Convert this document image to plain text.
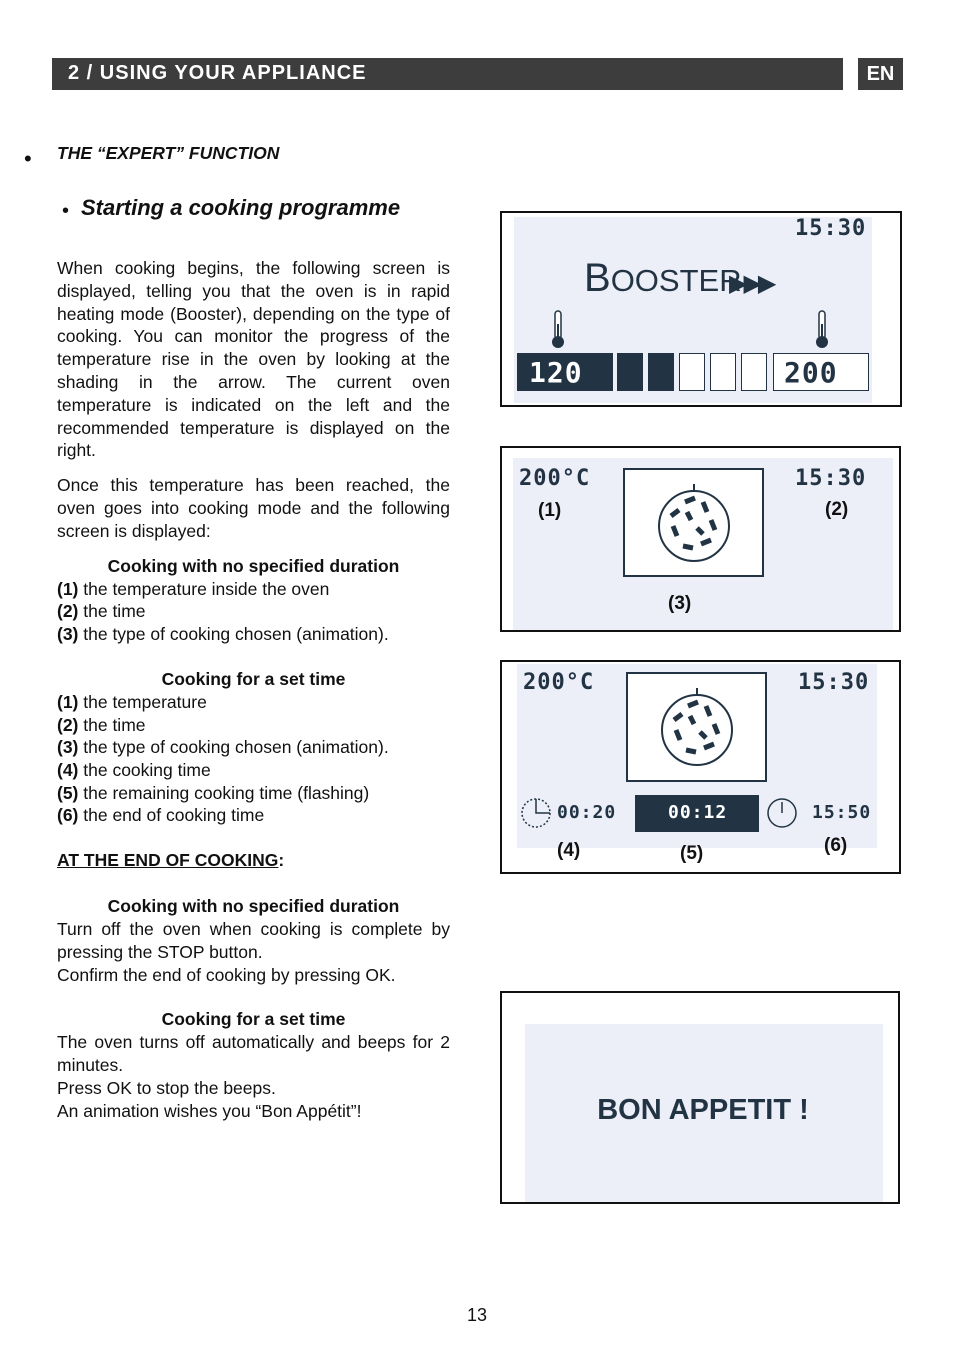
2 / USING YOUR APPLIANCE	EN
• THE “EXPERT” FUNCTION
• Starting a cooking programme
When cooking begins, the following screen is displayed, telling you that the oven is in rapid heating mode (Booster), depending on the type of cooking. You can monitor the progress of the temperature rise in the oven by looking at the shading in the arrow. The current oven temperature is indicated on the left and the recommended temperature is displayed on the right.
Once this temperature has been reached, the oven goes into cooking mode and the following screen is displayed:
Cooking with no specified duration
(1) the temperature inside the oven
(2) the time
(3) the type of cooking chosen (animation).
Cooking for a set time
(1) the temperature
(2) the time
(3) the type of cooking chosen (animation).
(4) the cooking time
(5) the remaining cooking time (flashing)
(6) the end of cooking time
AT THE END OF COOKING:
Cooking with no specified duration
Turn off the oven when cooking is complete by pressing the STOP button.
Confirm the end of cooking by pressing OK.
Cooking for a set time
The oven turns off automatically and beeps for 2 minutes.
Press OK to stop the beeps.
An animation wishes you “Bon Appétit”!
15:30
BOOSTER
▶▶▶
120	200
200°C	15:30
(1)	(2)
(3)
200°C	15:30
00:20	00:12	15:50
(4)	(5)	(6)
BON APPETIT !
13
